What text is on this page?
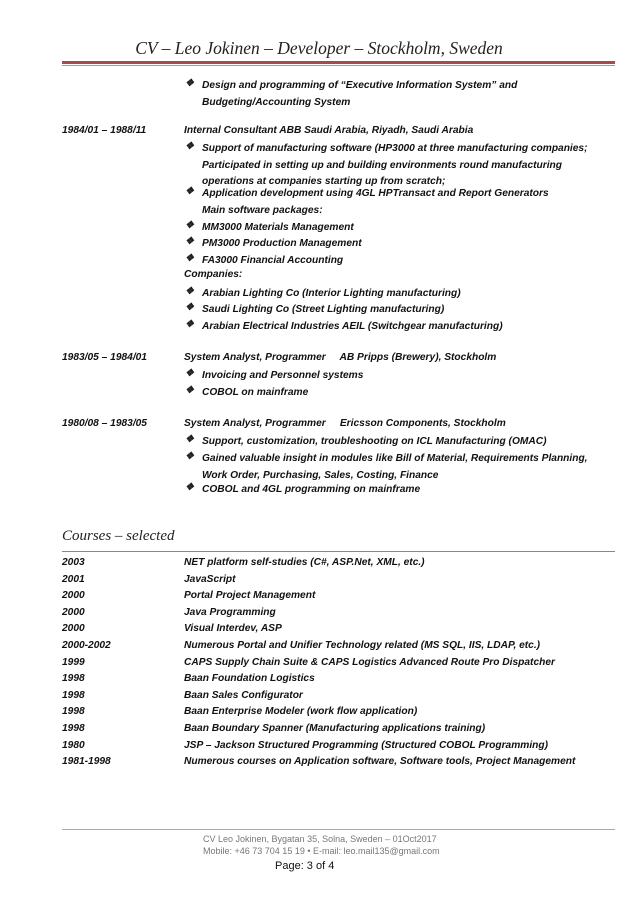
CV – Leo Jokinen – Developer – Stockholm, Sweden
❖ Design and programming of “Executive Information System” and
Budgeting/Accounting System
1984/01 – 1988/11	Internal Consultant ABB Saudi Arabia, Riyadh, Saudi Arabia
❖ Support of manufacturing software (HP3000 at three manufacturing companies;
Participated in setting up and building environments round manufacturing
operations at companies starting up from scratch;
❖ Application development using 4GL HPTransact and Report Generators
Main software packages:
❖ MM3000 Materials Management
❖ PM3000 Production Management
❖ FA3000 Financial Accounting
Companies:
❖ Arabian Lighting Co (Interior Lighting manufacturing)
❖ Saudi Lighting Co (Street Lighting manufacturing)
❖ Arabian Electrical Industries AEIL (Switchgear manufacturing)
1983/05 – 1984/01	System Analyst, Programmer     AB Pripps (Brewery), Stockholm
❖ Invoicing and Personnel systems
❖ COBOL on mainframe
1980/08 – 1983/05	System Analyst, Programmer     Ericsson Components, Stockholm
❖ Support, customization, troubleshooting on ICL Manufacturing (OMAC)
❖ Gained valuable insight in modules like Bill of Material, Requirements Planning,
Work Order, Purchasing, Sales, Costing, Finance
❖ COBOL and 4GL programming on mainframe
Courses – selected
2003	NET platform self-studies (C#, ASP.Net, XML, etc.)
2001	JavaScript
2000	Portal Project Management
2000	Java Programming
2000	Visual Interdev, ASP
2000-2002	Numerous Portal and Unifier Technology related (MS SQL, IIS, LDAP, etc.)
1999	CAPS Supply Chain Suite & CAPS Logistics Advanced Route Pro Dispatcher
1998	Baan Foundation Logistics
1998	Baan Sales Configurator
1998	Baan Enterprise Modeler (work flow application)
1998	Baan Boundary Spanner (Manufacturing applications training)
1980	JSP – Jackson Structured Programming (Structured COBOL Programming)
1981-1998	Numerous courses on Application software, Software tools, Project Management
CV Leo Jokinen, Bygatan 35, Solna, Sweden – 01Oct2017
Mobile: +46 73 704 15 19 • E-mail: leo.mail135@gmail.com
Page: 3 of 4
